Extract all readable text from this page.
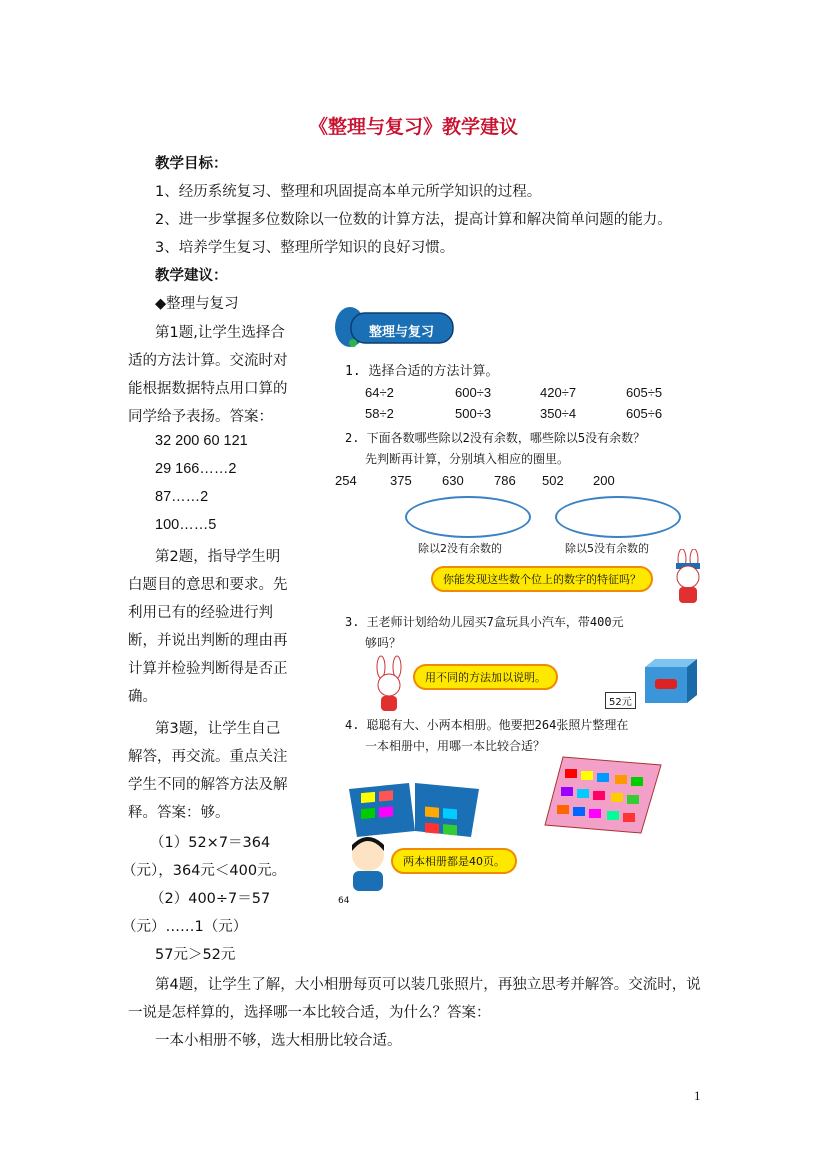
《整理与复习》教学建议
教学目标：
1、经历系统复习、整理和巩固提高本单元所学知识的过程。
2、进一步掌握多位数除以一位数的计算方法，提高计算和解决简单问题的能力。
3、培养学生复习、整理所学知识的良好习惯。
教学建议：
◆整理与复习
第1题,让学生选择合
适的方法计算。交流时对
能根据数据特点用口算的
同学给予表扬。答案：
32 200 60 121
29 166……2
87……2
100……5
第2题，指导学生明
白题目的意思和要求。先
利用已有的经验进行判
断，并说出判断的理由再
计算并检验判断得是否正
确。
第3题，让学生自己
解答，再交流。重点关注
学生不同的解答方法及解
释。答案：够。
（1）52×7＝364
（元），364元＜400元。
（2）400÷7＝57
（元）……1（元）
57元＞52元
第4题，让学生了解，大小相册每页可以装几张照片，再独立思考并解答。交流时，说
一说是怎样算的，选择哪一本比较合适，为什么？答案：
一本小相册不够，选大相册比较合适。
1
整理与复习
1. 选择合适的方法计算。
64÷2	600÷3	420÷7	605÷5
58÷2	500÷3	350÷4	605÷6
2. 下面各数哪些除以2没有余数，哪些除以5没有余数？
先判断再计算，分别填入相应的圈里。
254	375 630 786 502 200
除以2没有余数的	除以5没有余数的
你能发现这些数个位上的数字的特征吗？
3. 王老师计划给幼儿园买7盒玩具小汽车，带400元
够吗？
用不同的方法加以说明。
52元
4. 聪聪有大、小两本相册。他要把264张照片整理在
一本相册中，用哪一本比较合适？
两本相册都是40页。
64
